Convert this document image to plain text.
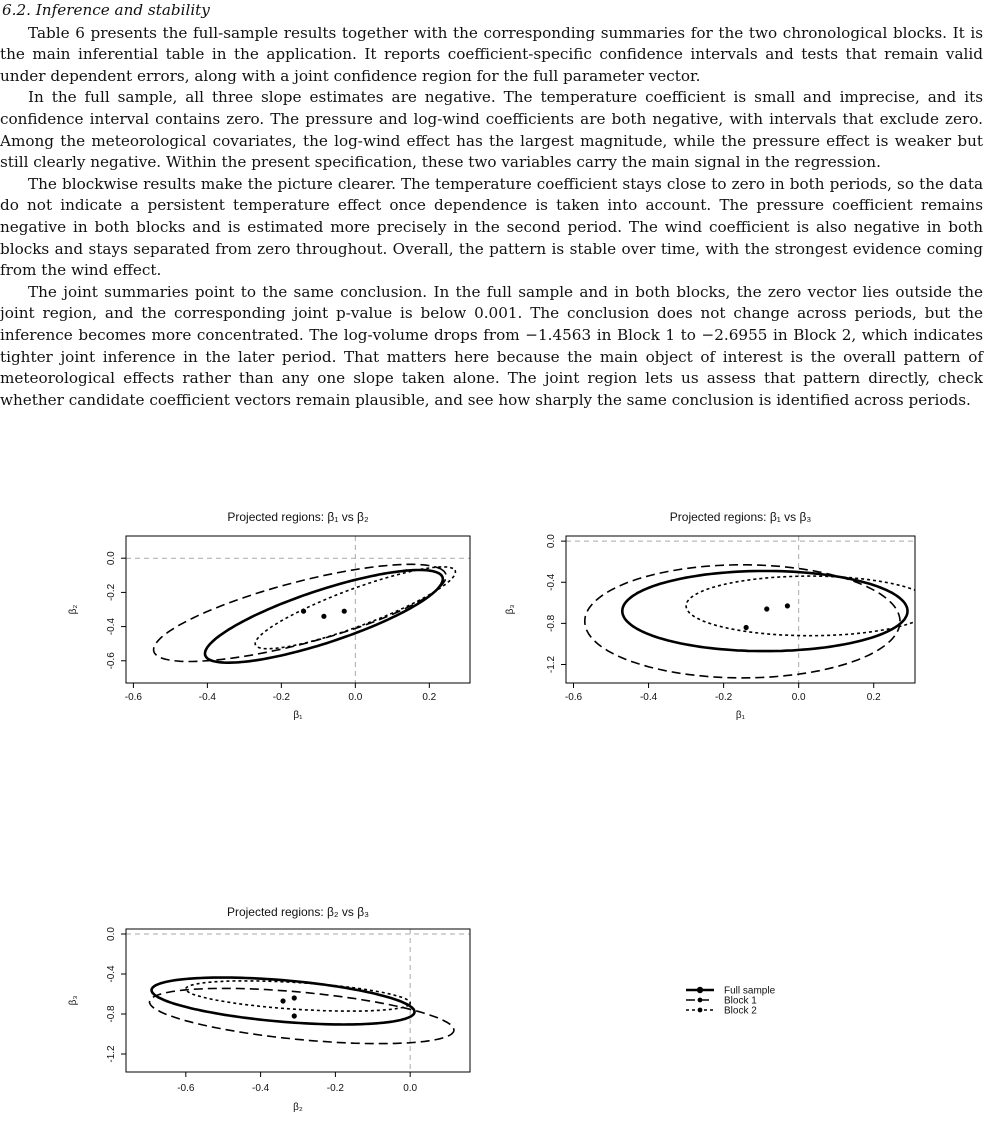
6.2. Inference and stability

Table 6 presents the full-sample results together with the corresponding summaries for the two chronological blocks. It is the main inferential table in the application. It reports coefficient-specific confidence intervals and tests that remain valid under dependent errors, along with a joint confidence region for the full parameter vector.

In the full sample, all three slope estimates are negative. The temperature coefficient is small and imprecise, and its confidence interval contains zero. The pressure and log-wind coefficients are both negative, with intervals that exclude zero. Among the meteorological covariates, the log-wind effect has the largest magnitude, while the pressure effect is weaker but still clearly negative. Within the present specification, these two variables carry the main signal in the regression.

The blockwise results make the picture clearer. The temperature coefficient stays close to zero in both periods, so the data do not indicate a persistent temperature effect once dependence is taken into account. The pressure coefficient remains negative in both blocks and is estimated more precisely in the second period. The wind coefficient is also negative in both blocks and stays separated from zero throughout. Overall, the pattern is stable over time, with the strongest evidence coming from the wind effect.

The joint summaries point to the same conclusion. In the full sample and in both blocks, the zero vector lies outside the joint region, and the corresponding joint p-value is below 0.001. The conclusion does not change across periods, but the inference becomes more concentrated. The log-volume drops from −1.4563 in Block 1 to −2.6955 in Block 2, which indicates tighter joint inference in the later period. That matters here because the main object of interest is the overall pattern of meteorological effects rather than any one slope taken alone. The joint region lets us assess that pattern directly, check whether candidate coefficient vectors remain plausible, and see how sharply the same conclusion is identified across periods.

Projected regions: β₁ vs β₂
-0.6	-0.4	-0.2	0.0	0.2
0.0
-0.2
-0.4
-0.6
β₁
β₂
Projected regions: β₁ vs β₃
-0.6	-0.4	-0.2	0.0	0.2
0.0
-0.4
-0.8
-1.2
β₁
β₃
Projected regions: β₂ vs β₃
-0.6	-0.4	-0.2	0.0
0.0
-0.4
-0.8
-1.2
β₂
β₃
Full sample
Block 1
Block 2
